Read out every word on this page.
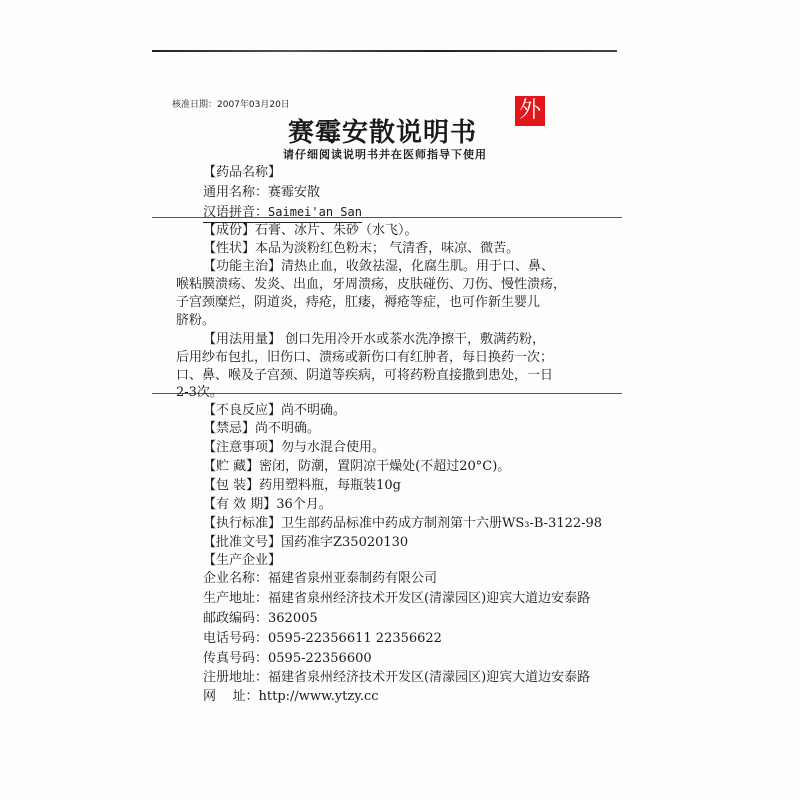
核准日期：2007年03月20日	外
赛霉安散说明书
请仔细阅读说明书并在医师指导下使用
【药品名称】
通用名称：赛霉安散
汉语拼音：Saimei'an San
【成份】石膏、冰片、朱砂（水飞）。
【性状】本品为淡粉红色粉末； 气清香，味凉、微苦。
【功能主治】清热止血，收敛祛湿，化腐生肌。用于口、鼻、
喉粘膜溃疡、发炎、出血，牙周溃疡，皮肤碰伤、刀伤、慢性溃疡，
子宫颈糜烂，阴道炎，痔疮，肛瘘，褥疮等症，也可作新生婴儿
脐粉。
【用法用量】 创口先用冷开水或茶水洗净擦干，敷满药粉，
后用纱布包扎，旧伤口、溃疡或新伤口有红肿者，每日换药一次；
口、鼻、喉及子宫颈、阴道等疾病，可将药粉直接撒到患处，一日
2-3次。
【不良反应】尚不明确。
【禁忌】尚不明确。
【注意事项】勿与水混合使用。
【贮 藏】密闭，防潮，置阴凉干燥处(不超过20°C)。
【包 装】药用塑料瓶，每瓶装10g
【有 效 期】36个月。
【执行标准】卫生部药品标准中药成方制剂第十六册WS₃-B-3122-98
【批准文号】国药准字Z35020130
【生产企业】
企业名称：福建省泉州亚泰制药有限公司
生产地址：福建省泉州经济技术开发区(清濛园区)迎宾大道边安泰路
邮政编码：362005
电话号码：0595-22356611 22356622
传真号码：0595-22356600
注册地址：福建省泉州经济技术开发区(清濛园区)迎宾大道边安泰路
网    址：http://www.ytzy.cc
